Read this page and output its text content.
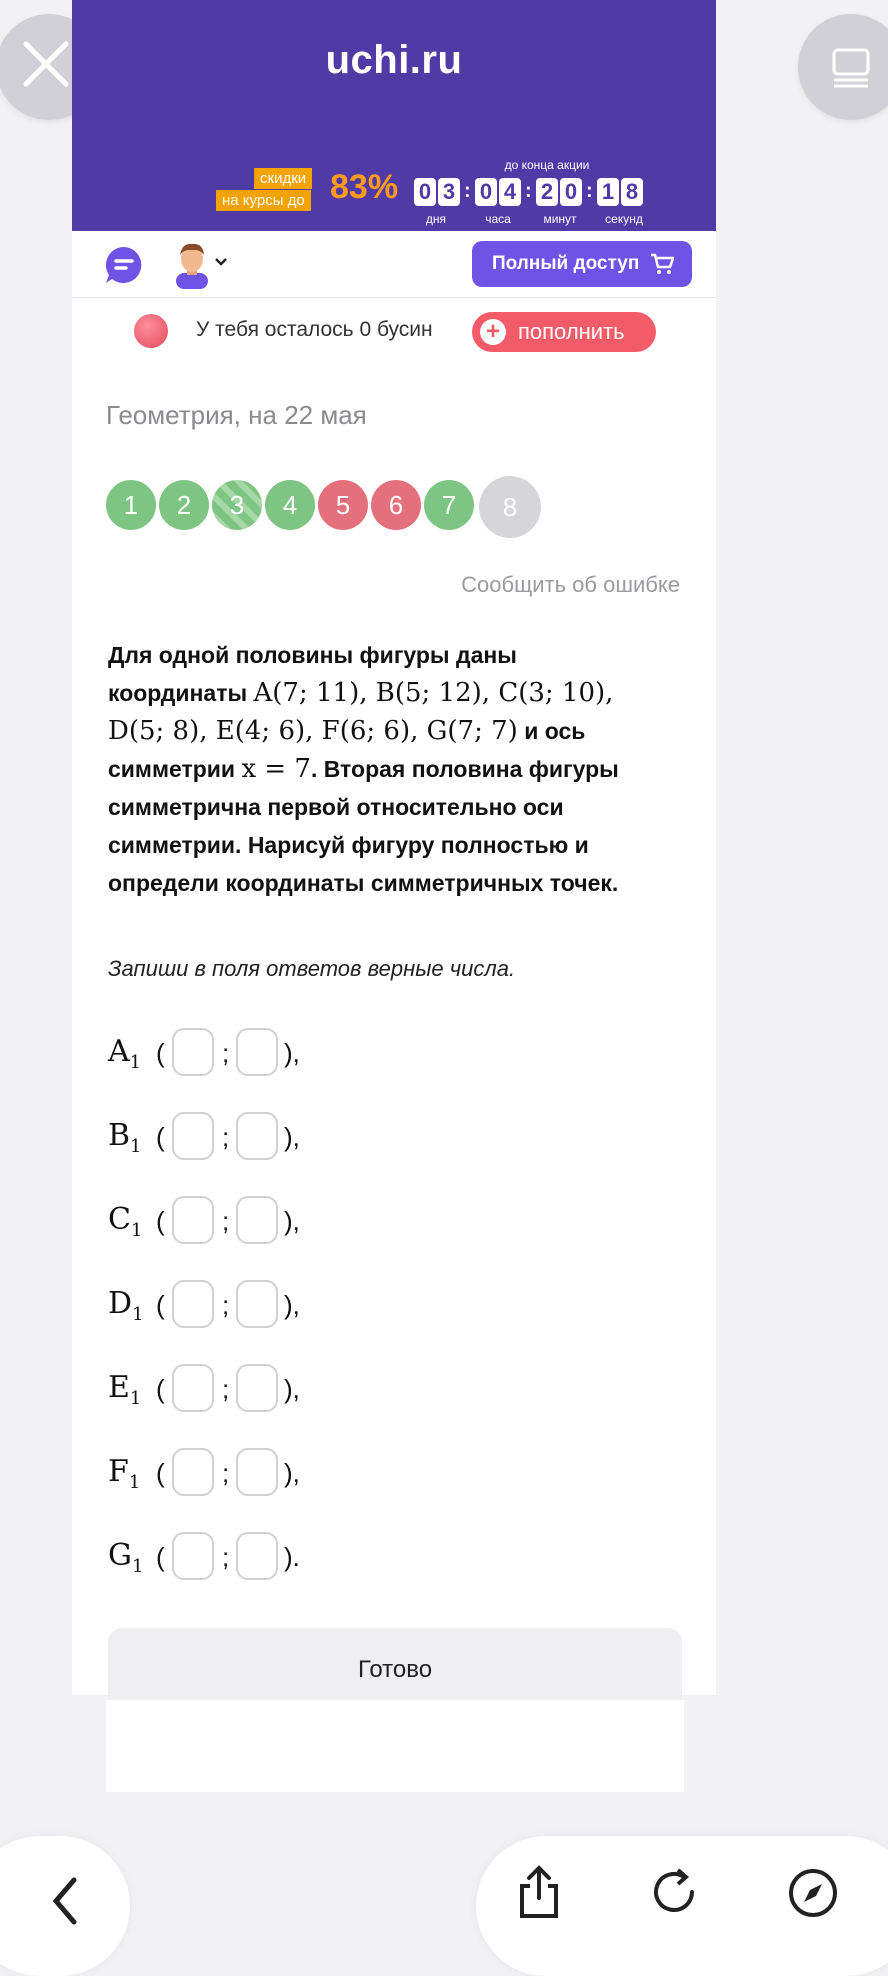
uchi.ru
скидки
на курсы до 83%
до конца акции
0 3 : 0 4 : 2 0 : 1 8
дня	часа	минут	секунд
Полный доступ
У тебя осталось 0 бусин + пополнить
Геометрия, на 22 мая
1	2	3	4	5	6	7	8
Сообщить об ошибке
Для одной половины фигуры даны
координаты A(7; 11), B(5; 12), C(3; 10),
D(5; 8), E(4; 6), F(6; 6), G(7; 7) и ось
симметрии x = 7. Вторая половина фигуры
симметрична первой относительно оси
симметрии. Нарисуй фигуру полностью и
определи координаты симметричных точек.
Запиши в поля ответов верные числа.
$A_1$ ( ; ),
$B_1$ ( ; ),
$C_1$ ( ; ),
$D_1$ ( ; ),
$E_1$ ( ; ),
$F_1$ ( ; ),
$G_1$ ( ; ).
Готово
